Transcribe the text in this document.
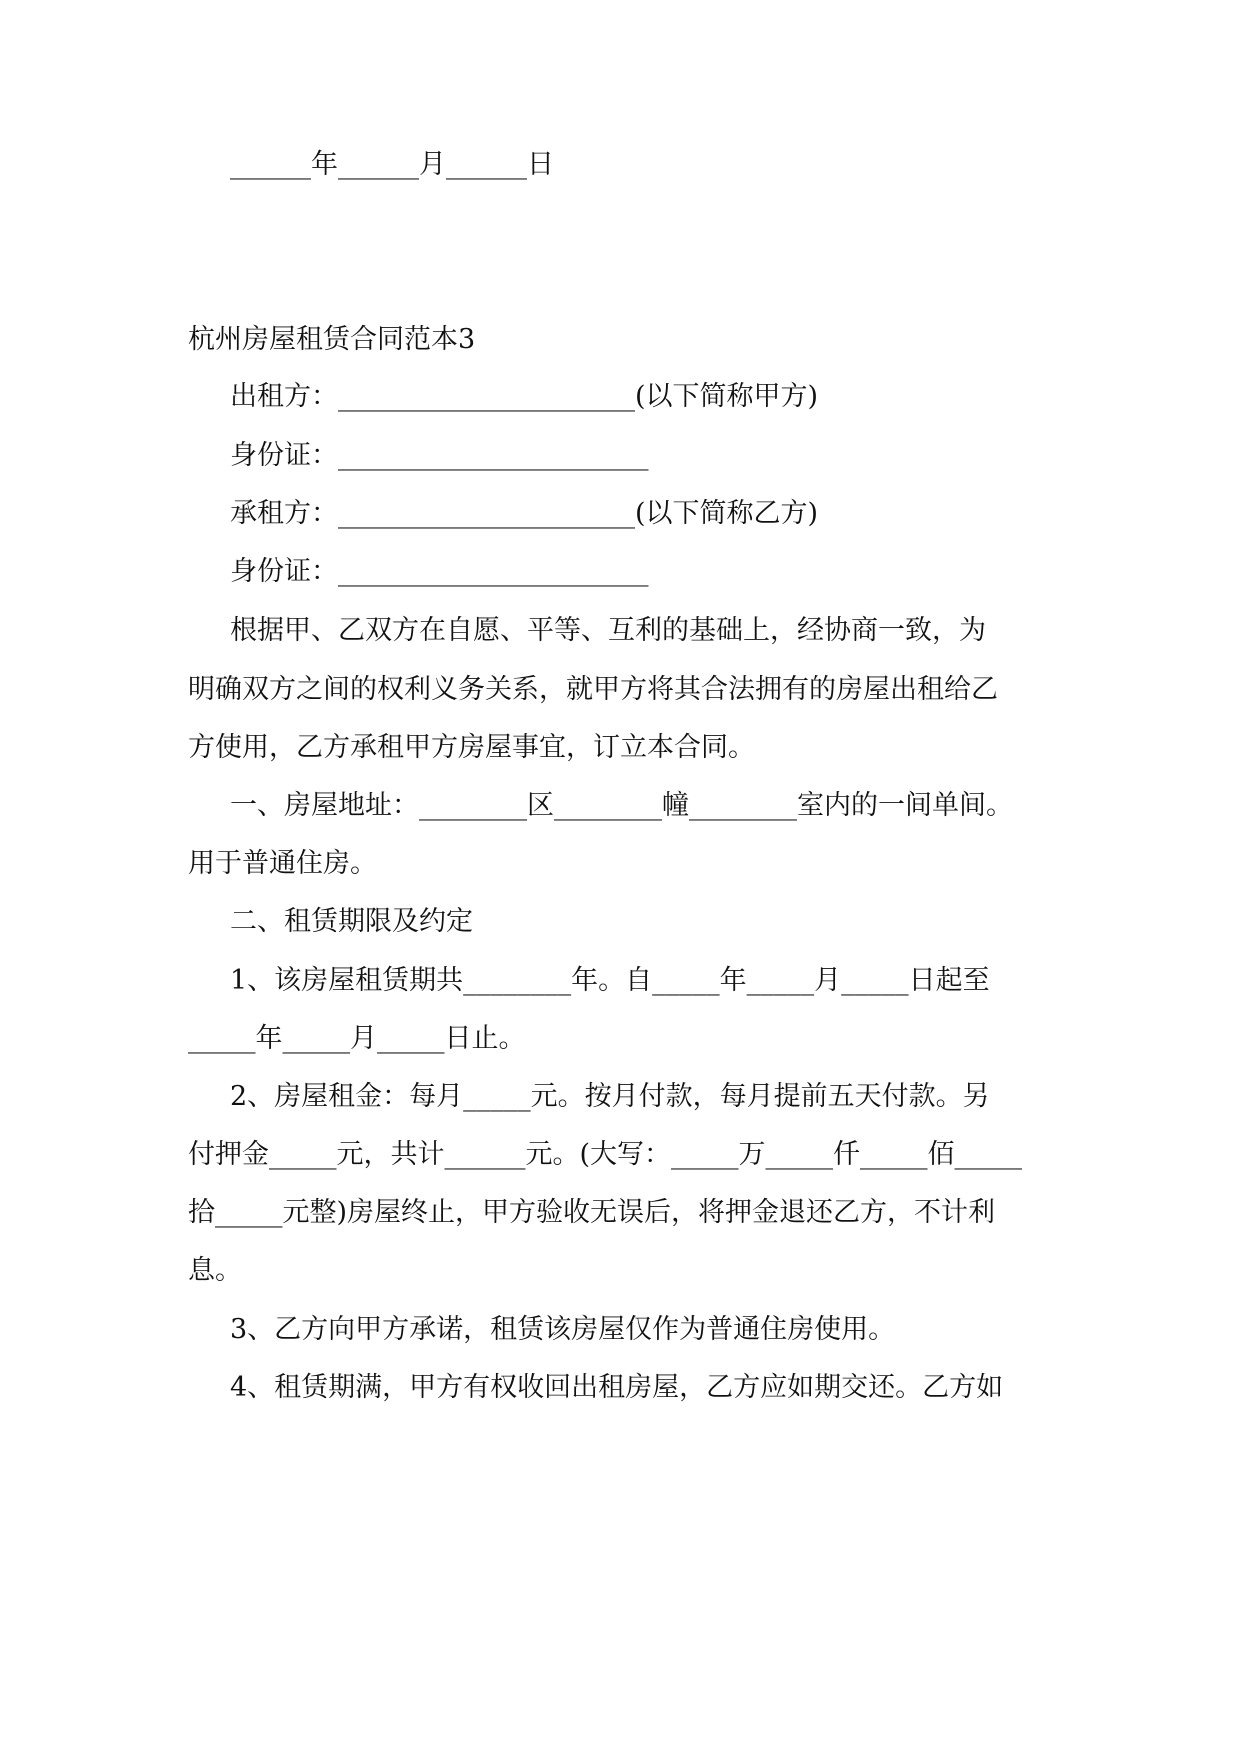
______年______月______日
杭州房屋租赁合同范本3
出租方：______________________(以下简称甲方)
身份证：_______________________
承租方：______________________(以下简称乙方)
身份证：_______________________
根据甲、乙双方在自愿、平等、互利的基础上，经协商一致，为
明确双方之间的权利义务关系，就甲方将其合法拥有的房屋出租给乙
方使用，乙方承租甲方房屋事宜，订立本合同。
一、房屋地址：________区________幢________室内的一间单间。
用于普通住房。
二、租赁期限及约定
1、该房屋租赁期共________年。自_____年_____月_____日起至
_____年_____月_____日止。
2、房屋租金：每月_____元。按月付款，每月提前五天付款。另
付押金_____元，共计______元。(大写：_____万_____仟_____佰_____
拾_____元整)房屋终止，甲方验收无误后，将押金退还乙方，不计利
息。
3、乙方向甲方承诺，租赁该房屋仅作为普通住房使用。
4、租赁期满，甲方有权收回出租房屋，乙方应如期交还。乙方如
